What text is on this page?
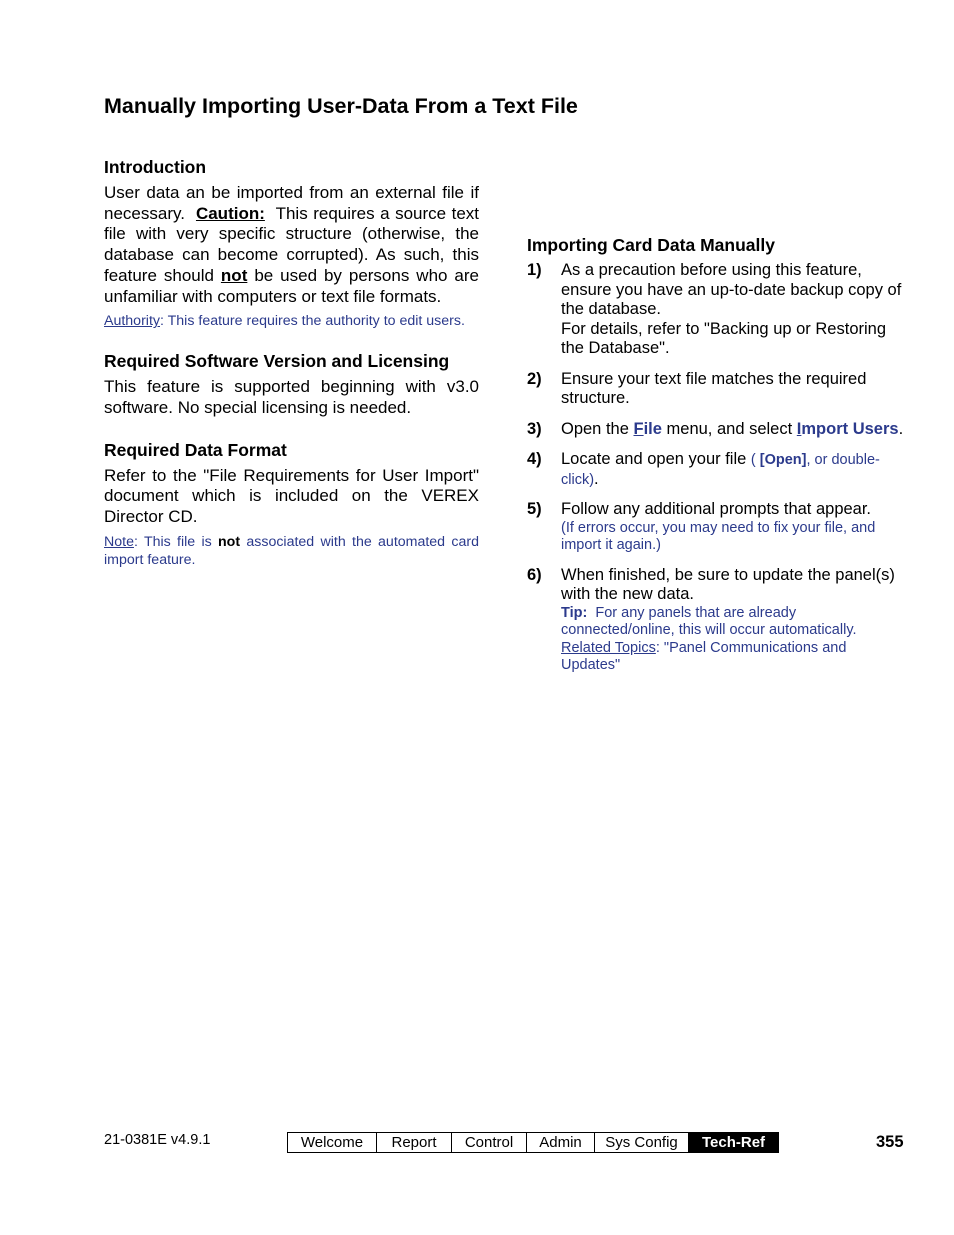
Manually Importing User-Data From a Text File
Introduction

User data an be imported from an external file if necessary. Caution: This requires a source text file with very specific structure (otherwise, the database can become corrupted). As such, this feature should not be used by persons who are unfamiliar with computers or text file formats.

Authority: This feature requires the authority to edit users.

Required Software Version and Licensing

This feature is supported beginning with v3.0 software. No special licensing is needed.

Required Data Format

Refer to the "File Requirements for User Import" document which is included on the VEREX Director CD.

Note: This file is not associated with the automated card import feature.

Importing Card Data Manually
1)	As a precaution before using this feature, ensure you have an up-to-date backup copy of the database.
For details, refer to "Backing up or Restoring the Database".
2)	Ensure your text file matches the required structure.
3)	Open the File menu, and select Import Users.
4)	Locate and open your file ( [Open], or double-click).
5)	Follow any additional prompts that appear.
(If errors occur, you may need to fix your file, and import it again.)
6)	When finished, be sure to update the panel(s) with the new data.
Tip: For any panels that are already connected/online, this will occur automatically.
Related Topics: "Panel Communications and Updates"
21-0381E v4.9.1	Welcome	Report	Control	Admin	Sys Config	Tech-Ref	355
